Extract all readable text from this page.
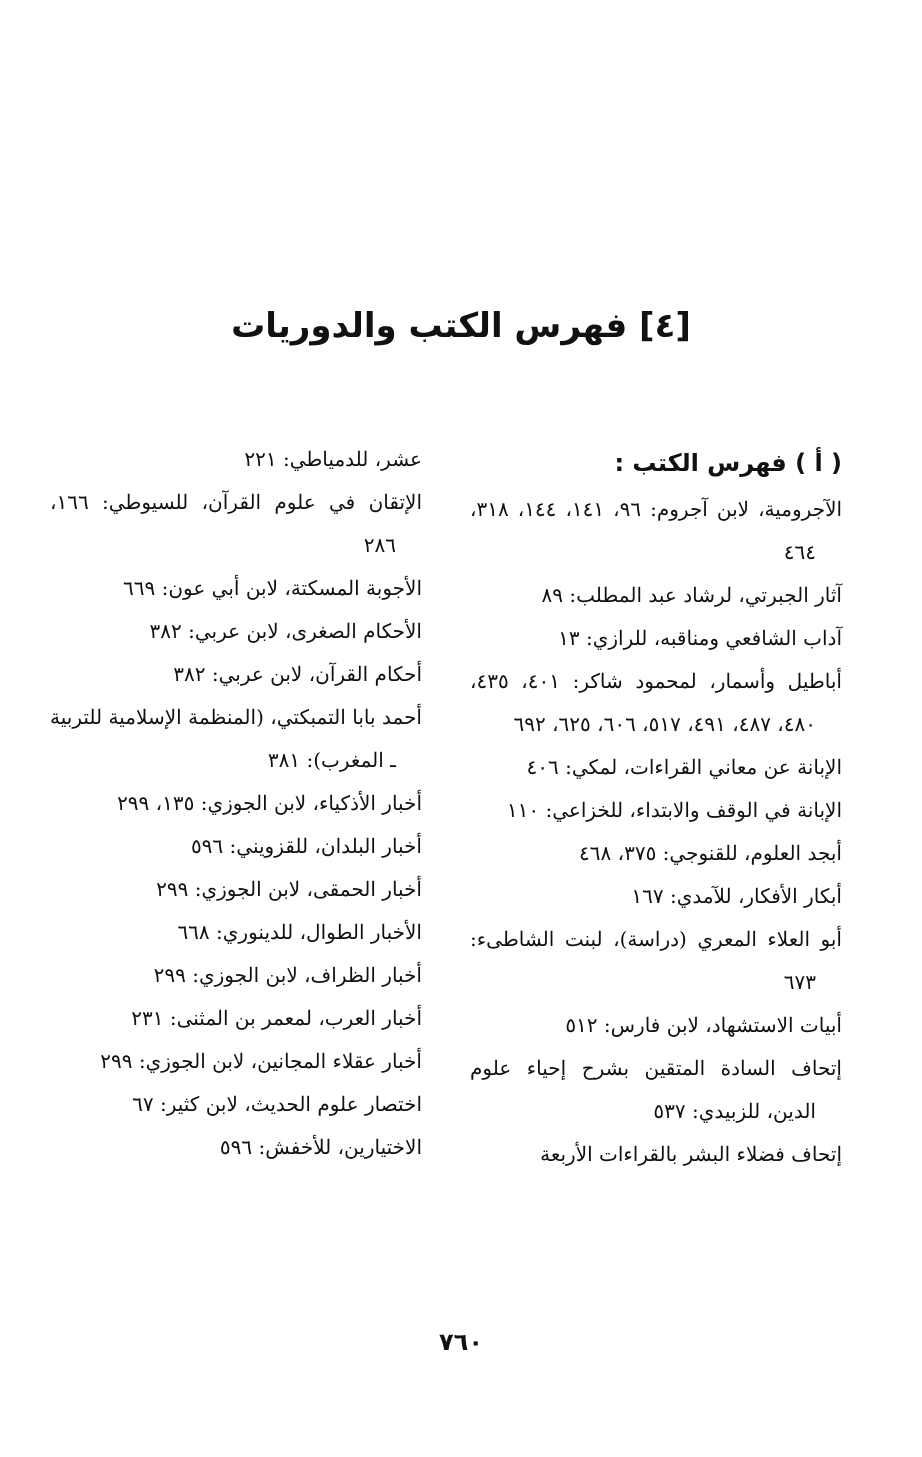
[٤] فهرس الكتب والدوريات
( أ ) فهرس الكتب :
الآجرومية، لابن آجروم: ٩٦، ١٤١، ١٤٤، ٣١٨، ٤٦٤
آثار الجبرتي، لرشاد عبد المطلب: ٨٩
آداب الشافعي ومناقبه، للرازي: ١٣
أباطيل وأسمار، لمحمود شاكر: ٤٠١، ٤٣٥، ٤٨٠، ٤٨٧، ٤٩١، ٥١٧، ٦٠٦، ٦٢٥، ٦٩٢
الإبانة عن معاني القراءات، لمكي: ٤٠٦
الإبانة في الوقف والابتداء، للخزاعي: ١١٠
أبجد العلوم، للقنوجي: ٣٧٥، ٤٦٨
أبكار الأفكار، للآمدي: ١٦٧
أبو العلاء المعري (دراسة)، لبنت الشاطىء: ٦٧٣
أبيات الاستشهاد، لابن فارس: ٥١٢
إتحاف السادة المتقين بشرح إحياء علوم الدين، للزبيدي: ٥٣٧
إتحاف فضلاء البشر بالقراءات الأربعة
عشر، للدمياطي: ٢٢١
الإتقان في علوم القرآن، للسيوطي: ١٦٦، ٢٨٦
الأجوبة المسكتة، لابن أبي عون: ٦٦٩
الأحكام الصغرى، لابن عربي: ٣٨٢
أحكام القرآن، لابن عربي: ٣٨٢
أحمد بابا التمبكتي، (المنظمة الإسلامية للتربية ـ المغرب): ٣٨١
أخبار الأذكياء، لابن الجوزي: ١٣٥، ٢٩٩
أخبار البلدان، للقزويني: ٥٩٦
أخبار الحمقى، لابن الجوزي: ٢٩٩
الأخبار الطوال، للدينوري: ٦٦٨
أخبار الظراف، لابن الجوزي: ٢٩٩
أخبار العرب، لمعمر بن المثنى: ٢٣١
أخبار عقلاء المجانين، لابن الجوزي: ٢٩٩
اختصار علوم الحديث، لابن كثير: ٦٧
الاختيارين، للأخفش: ٥٩٦
٧٦٠
